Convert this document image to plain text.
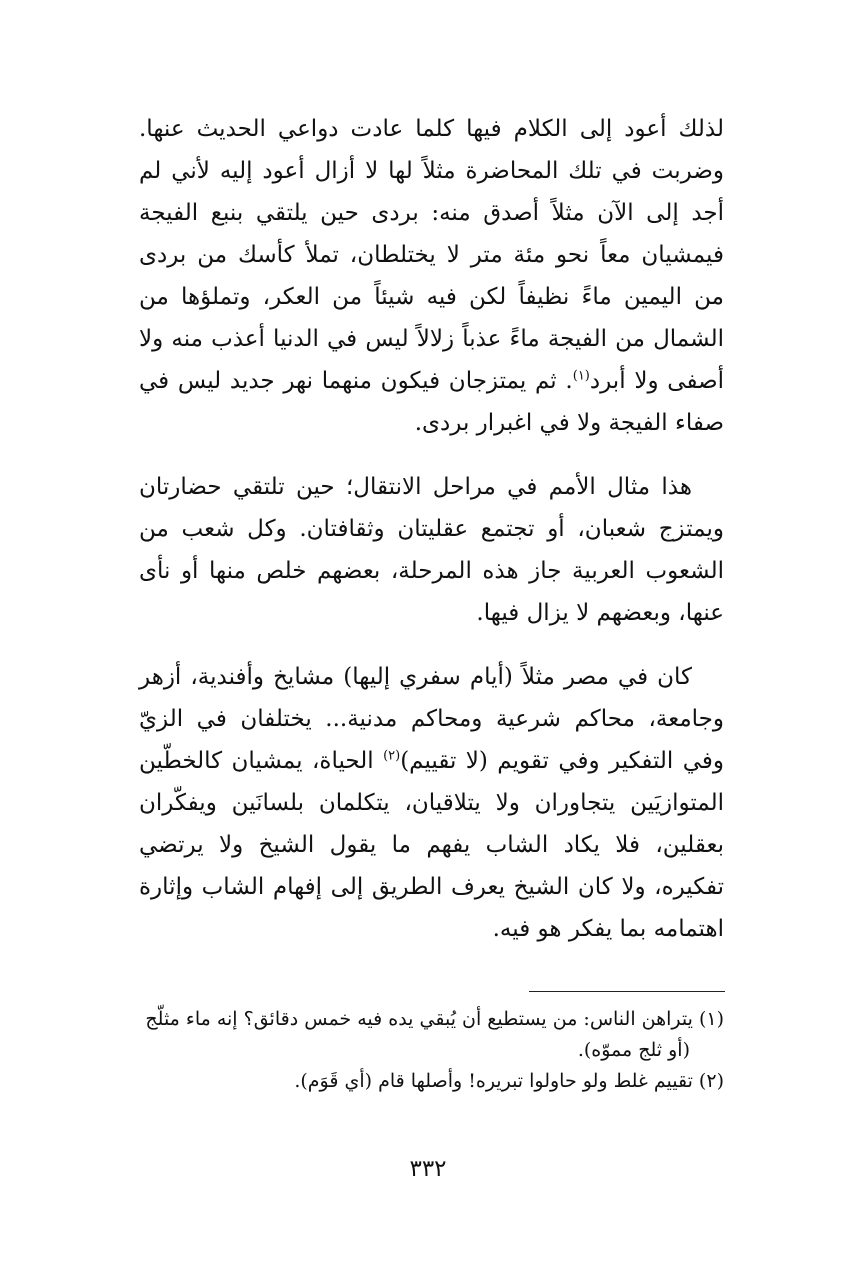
لذلك أعود إلى الكلام فيها كلما عادت دواعي الحديث عنها. وضربت في تلك المحاضرة مثلاً لها لا أزال أعود إليه لأني لم أجد إلى الآن مثلاً أصدق منه: بردى حين يلتقي بنبع الفيجة فيمشيان معاً نحو مئة متر لا يختلطان، تملأ كأسك من بردى من اليمين ماءً نظيفاً لكن فيه شيئاً من العكر، وتملؤها من الشمال من الفيجة ماءً عذباً زلالاً ليس في الدنيا أعذب منه ولا أصفى ولا أبرد$^{(١)}$. ثم يمتزجان فيكون منهما نهر جديد ليس في صفاء الفيجة ولا في اغبرار بردى.

هذا مثال الأمم في مراحل الانتقال؛ حين تلتقي حضارتان ويمتزج شعبان، أو تجتمع عقليتان وثقافتان. وكل شعب من الشعوب العربية جاز هذه المرحلة، بعضهم خلص منها أو نأى عنها، وبعضهم لا يزال فيها.

كان في مصر مثلاً (أيام سفري إليها) مشايخ وأفندية، أزهر وجامعة، محاكم شرعية ومحاكم مدنية... يختلفان في الزيّ وفي التفكير وفي تقويم (لا تقييم)$^{(٢)}$ الحياة، يمشيان كالخطّين المتوازيَين يتجاوران ولا يتلاقيان، يتكلمان بلسانَين ويفكّران بعقلين، فلا يكاد الشاب يفهم ما يقول الشيخ ولا يرتضي تفكيره، ولا كان الشيخ يعرف الطريق إلى إفهام الشاب وإثارة اهتمامه بما يفكر هو فيه.

(١) يتراهن الناس: من يستطيع أن يُبقي يده فيه خمس دقائق؟ إنه ماء مثلّج
(أو ثلج مموّه).

(٢) تقييم غلط ولو حاولوا تبريره! وأصلها قام (أي قَوَم).

٣٣٢
